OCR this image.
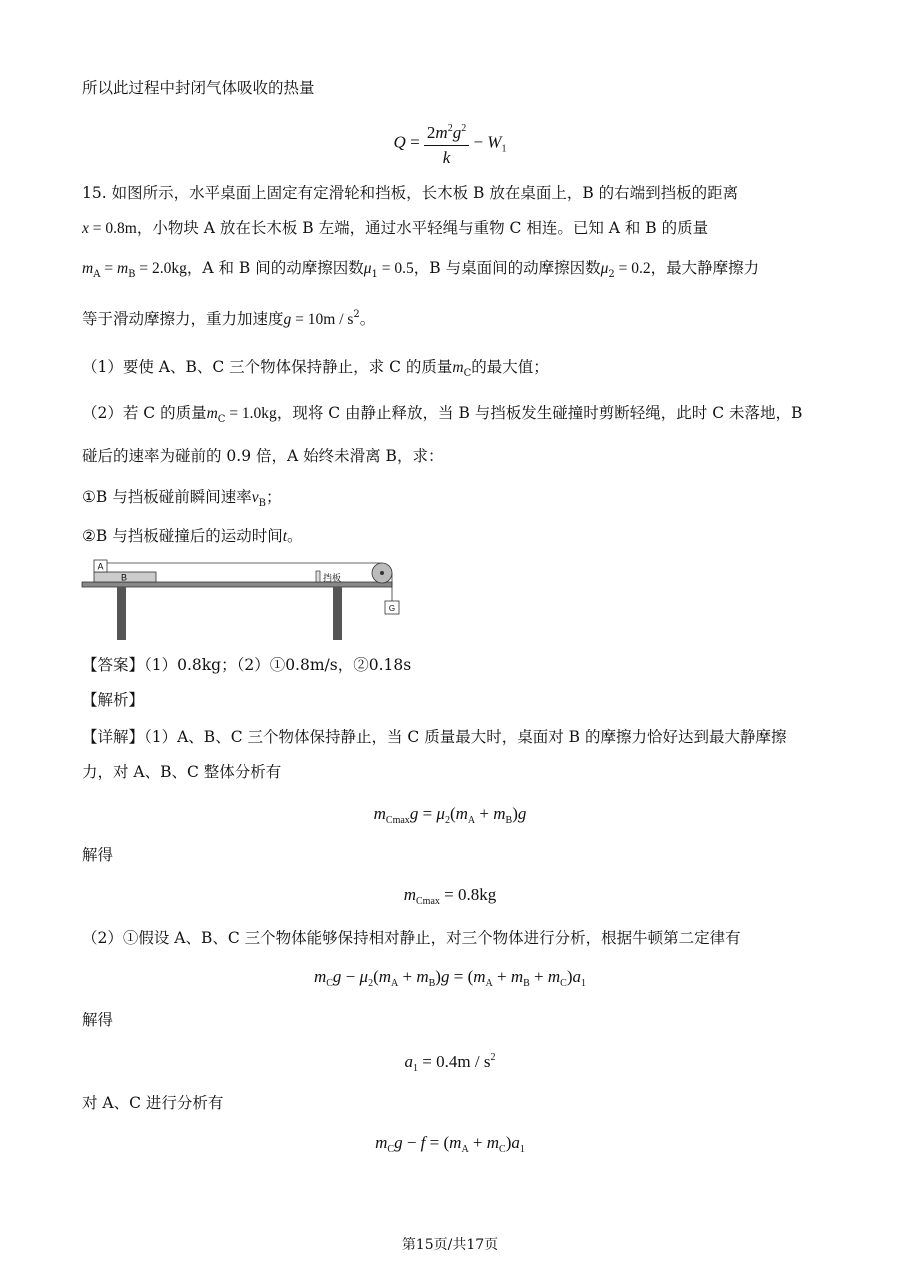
所以此过程中封闭气体吸收的热量
$Q = \frac{2m^2g^2}{k} - W_1$
15. 如图所示，水平桌面上固定有定滑轮和挡板，长木板 B 放在桌面上，B 的右端到挡板的距离
x = 0.8m，小物块 A 放在长木板 B 左端，通过水平轻绳与重物 C 相连。已知 A 和 B 的质量
$m_A = m_B = 2.0kg$，A 和 B 间的动摩擦因数$\mu_1 = 0.5$，B 与桌面间的动摩擦因数$\mu_2 = 0.2$，最大静摩擦力
等于滑动摩擦力，重力加速度$g = 10m / s^2$。
（1）要使 A、B、C 三个物体保持静止，求 C 的质量$m_C$的最大值；
（2）若 C 的质量$m_C = 1.0kg$，现将 C 由静止释放，当 B 与挡板发生碰撞时剪断轻绳，此时 C 未落地，B
碰后的速率为碰前的 0.9 倍，A 始终未滑离 B，求：
①B 与挡板碰前瞬间速率$v_B$；
②B 与挡板碰撞后的运动时间t。
B
A
挡板
G
【答案】（1）0.8kg；（2）①0.8m/s，②0.18s
【解析】
【详解】（1）A、B、C 三个物体保持静止，当 C 质量最大时，桌面对 B 的摩擦力恰好达到最大静摩擦
力，对 A、B、C 整体分析有
$m_{Cmax}g = \mu_2(m_A + m_B)g$
解得
$m_{Cmax} = 0.8kg$
（2）①假设 A、B、C 三个物体能够保持相对静止，对三个物体进行分析，根据牛顿第二定律有
$m_Cg - \mu_2(m_A + m_B)g = (m_A + m_B + m_C)a_1$
解得
$a_1 = 0.4m / s^2$
对 A、C 进行分析有
$m_Cg - f = (m_A + m_C)a_1$
第15页/共17页
